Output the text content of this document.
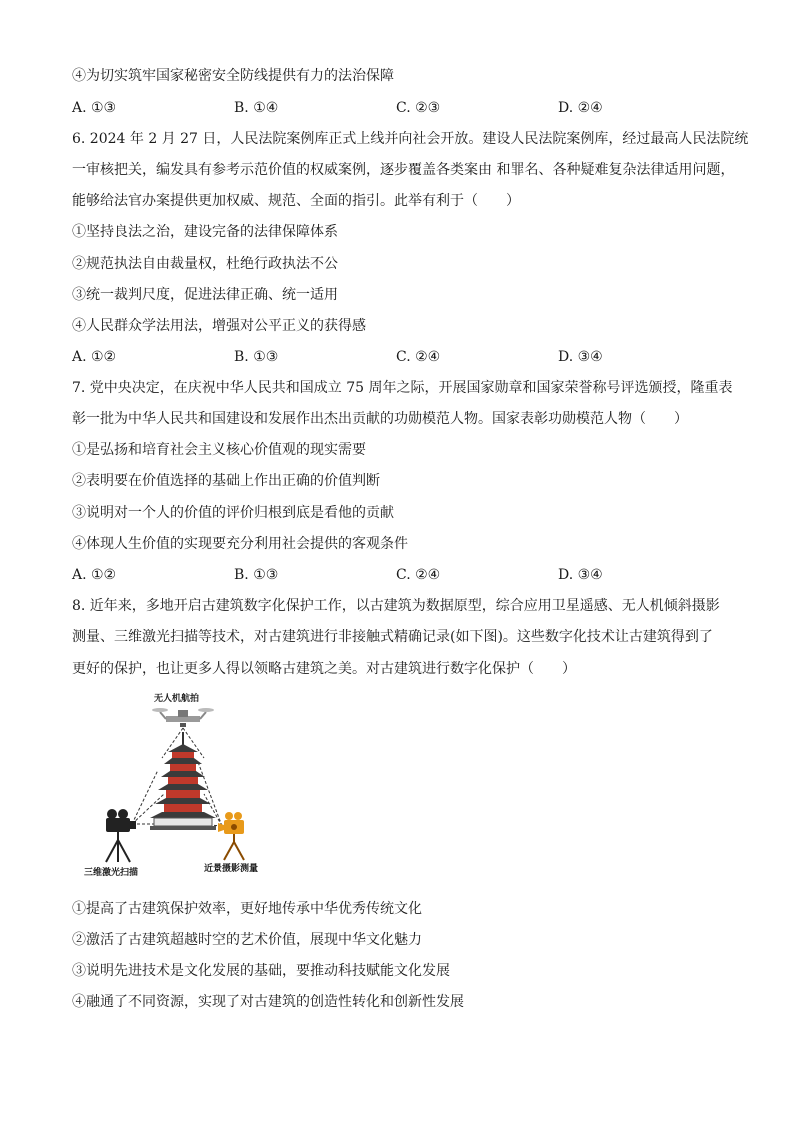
④为切实筑牢国家秘密安全防线提供有力的法治保障
A. ①③	B. ①④	C. ②③	D. ②④
6. 2024 年 2 月 27 日，人民法院案例库正式上线并向社会开放。建设人民法院案例库，经过最高人民法院统
一审核把关，编发具有参考示范价值的权威案例，逐步覆盖各类案由 和罪名、各种疑难复杂法律适用问题，
能够给法官办案提供更加权威、规范、全面的指引。此举有利于（　　）
①坚持良法之治，建设完备的法律保障体系
②规范执法自由裁量权，杜绝行政执法不公
③统一裁判尺度，促进法律正确、统一适用
④人民群众学法用法，增强对公平正义的获得感
A. ①②	B. ①③	C. ②④	D. ③④
7. 党中央决定，在庆祝中华人民共和国成立 75 周年之际，开展国家勋章和国家荣誉称号评选颁授，隆重表
彰一批为中华人民共和国建设和发展作出杰出贡献的功勋模范人物。国家表彰功勋模范人物（　　）
①是弘扬和培育社会主义核心价值观的现实需要
②表明要在价值选择的基础上作出正确的价值判断
③说明对一个人的价值的评价归根到底是看他的贡献
④体现人生价值的实现要充分利用社会提供的客观条件
A. ①②	B. ①③	C. ②④	D. ③④
8. 近年来，多地开启古建筑数字化保护工作，以古建筑为数据原型，综合应用卫星遥感、无人机倾斜摄影
测量、三维激光扫描等技术，对古建筑进行非接触式精确记录(如下图)。这些数字化技术让古建筑得到了
更好的保护，也让更多人得以领略古建筑之美。对古建筑进行数字化保护（　　）
无人机航拍
三维激光扫描	近景摄影测量
①提高了古建筑保护效率，更好地传承中华优秀传统文化
②激活了古建筑超越时空的艺术价值，展现中华文化魅力
③说明先进技术是文化发展的基础，要推动科技赋能文化发展
④融通了不同资源，实现了对古建筑的创造性转化和创新性发展
